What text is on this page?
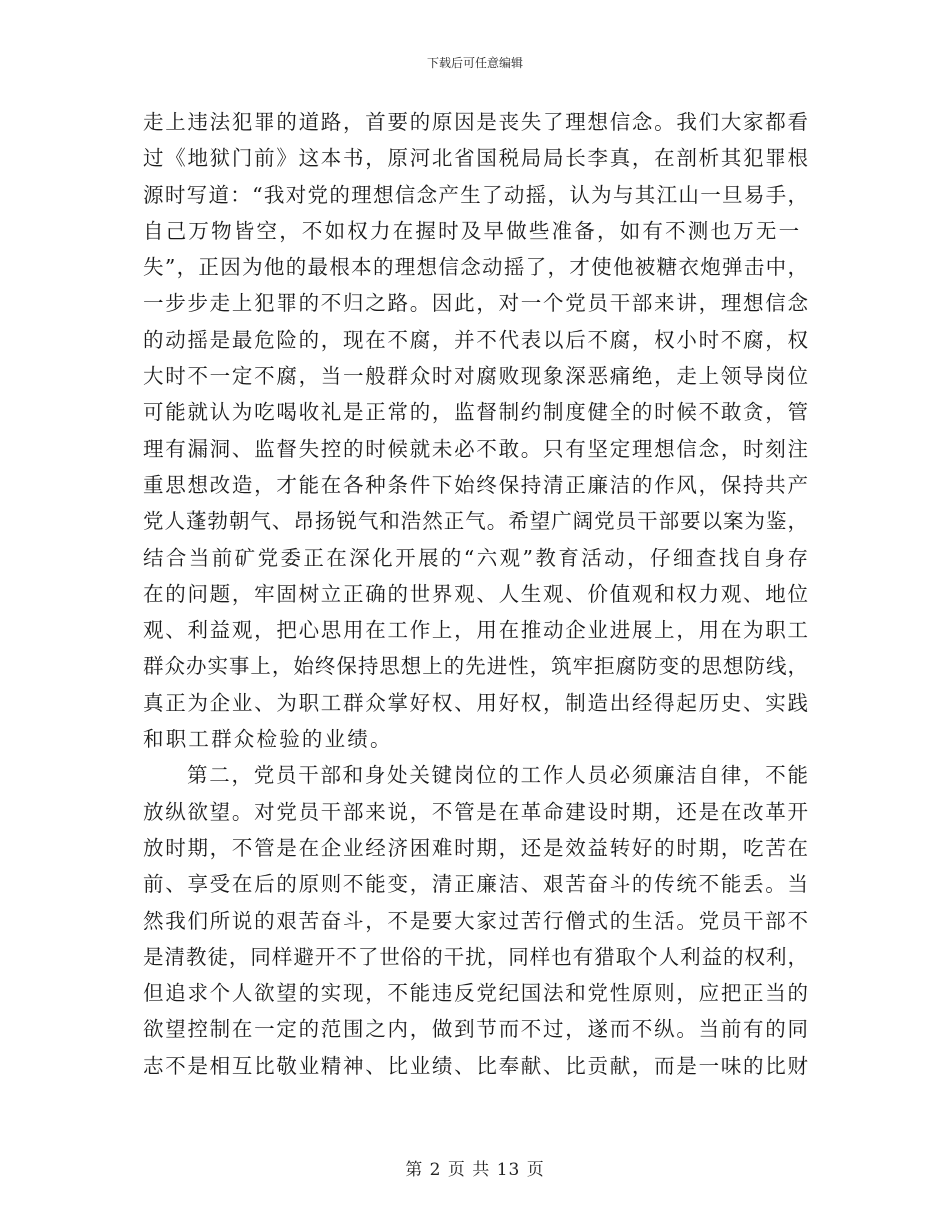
下载后可任意编辑
走上违法犯罪的道路，首要的原因是丧失了理想信念。我们大家都看
过《地狱门前》这本书，原河北省国税局局长李真，在剖析其犯罪根
源时写道：“我对党的理想信念产生了动摇，认为与其江山一旦易手，
自己万物皆空，不如权力在握时及早做些准备，如有不测也万无一
失”，正因为他的最根本的理想信念动摇了，才使他被糖衣炮弹击中，
一步步走上犯罪的不归之路。因此，对一个党员干部来讲，理想信念
的动摇是最危险的，现在不腐，并不代表以后不腐，权小时不腐，权
大时不一定不腐，当一般群众时对腐败现象深恶痛绝，走上领导岗位
可能就认为吃喝收礼是正常的，监督制约制度健全的时候不敢贪，管
理有漏洞、监督失控的时候就未必不敢。只有坚定理想信念，时刻注
重思想改造，才能在各种条件下始终保持清正廉洁的作风，保持共产
党人蓬勃朝气、昂扬锐气和浩然正气。希望广阔党员干部要以案为鉴，
结合当前矿党委正在深化开展的“六观”教育活动，仔细查找自身存
在的问题，牢固树立正确的世界观、人生观、价值观和权力观、地位
观、利益观，把心思用在工作上，用在推动企业进展上，用在为职工
群众办实事上，始终保持思想上的先进性，筑牢拒腐防变的思想防线，
真正为企业、为职工群众掌好权、用好权，制造出经得起历史、实践
和职工群众检验的业绩。
第二，党员干部和身处关键岗位的工作人员必须廉洁自律，不能
放纵欲望。对党员干部来说，不管是在革命建设时期，还是在改革开
放时期，不管是在企业经济困难时期，还是效益转好的时期，吃苦在
前、享受在后的原则不能变，清正廉洁、艰苦奋斗的传统不能丢。当
然我们所说的艰苦奋斗，不是要大家过苦行僧式的生活。党员干部不
是清教徒，同样避开不了世俗的干扰，同样也有猎取个人利益的权利，
但追求个人欲望的实现，不能违反党纪国法和党性原则，应把正当的
欲望控制在一定的范围之内，做到节而不过，遂而不纵。当前有的同
志不是相互比敬业精神、比业绩、比奉献、比贡献，而是一味的比财
第 2 页 共 13 页
